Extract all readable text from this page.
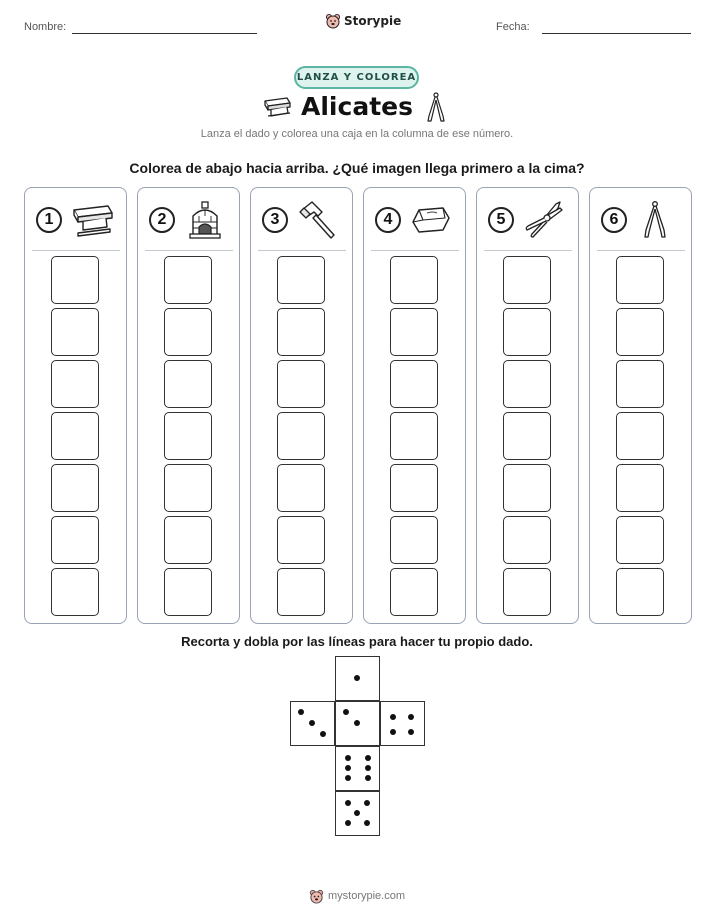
Nombre:	Storypie	Fecha:
LANZA Y COLOREA
Alicates
Lanza el dado y colorea una caja en la columna de ese número.
Colorea de abajo hacia arriba. ¿Qué imagen llega primero a la cima?
1	2	3	4	5	6
Recorta y dobla por las líneas para hacer tu propio dado.
mystorypie.com
